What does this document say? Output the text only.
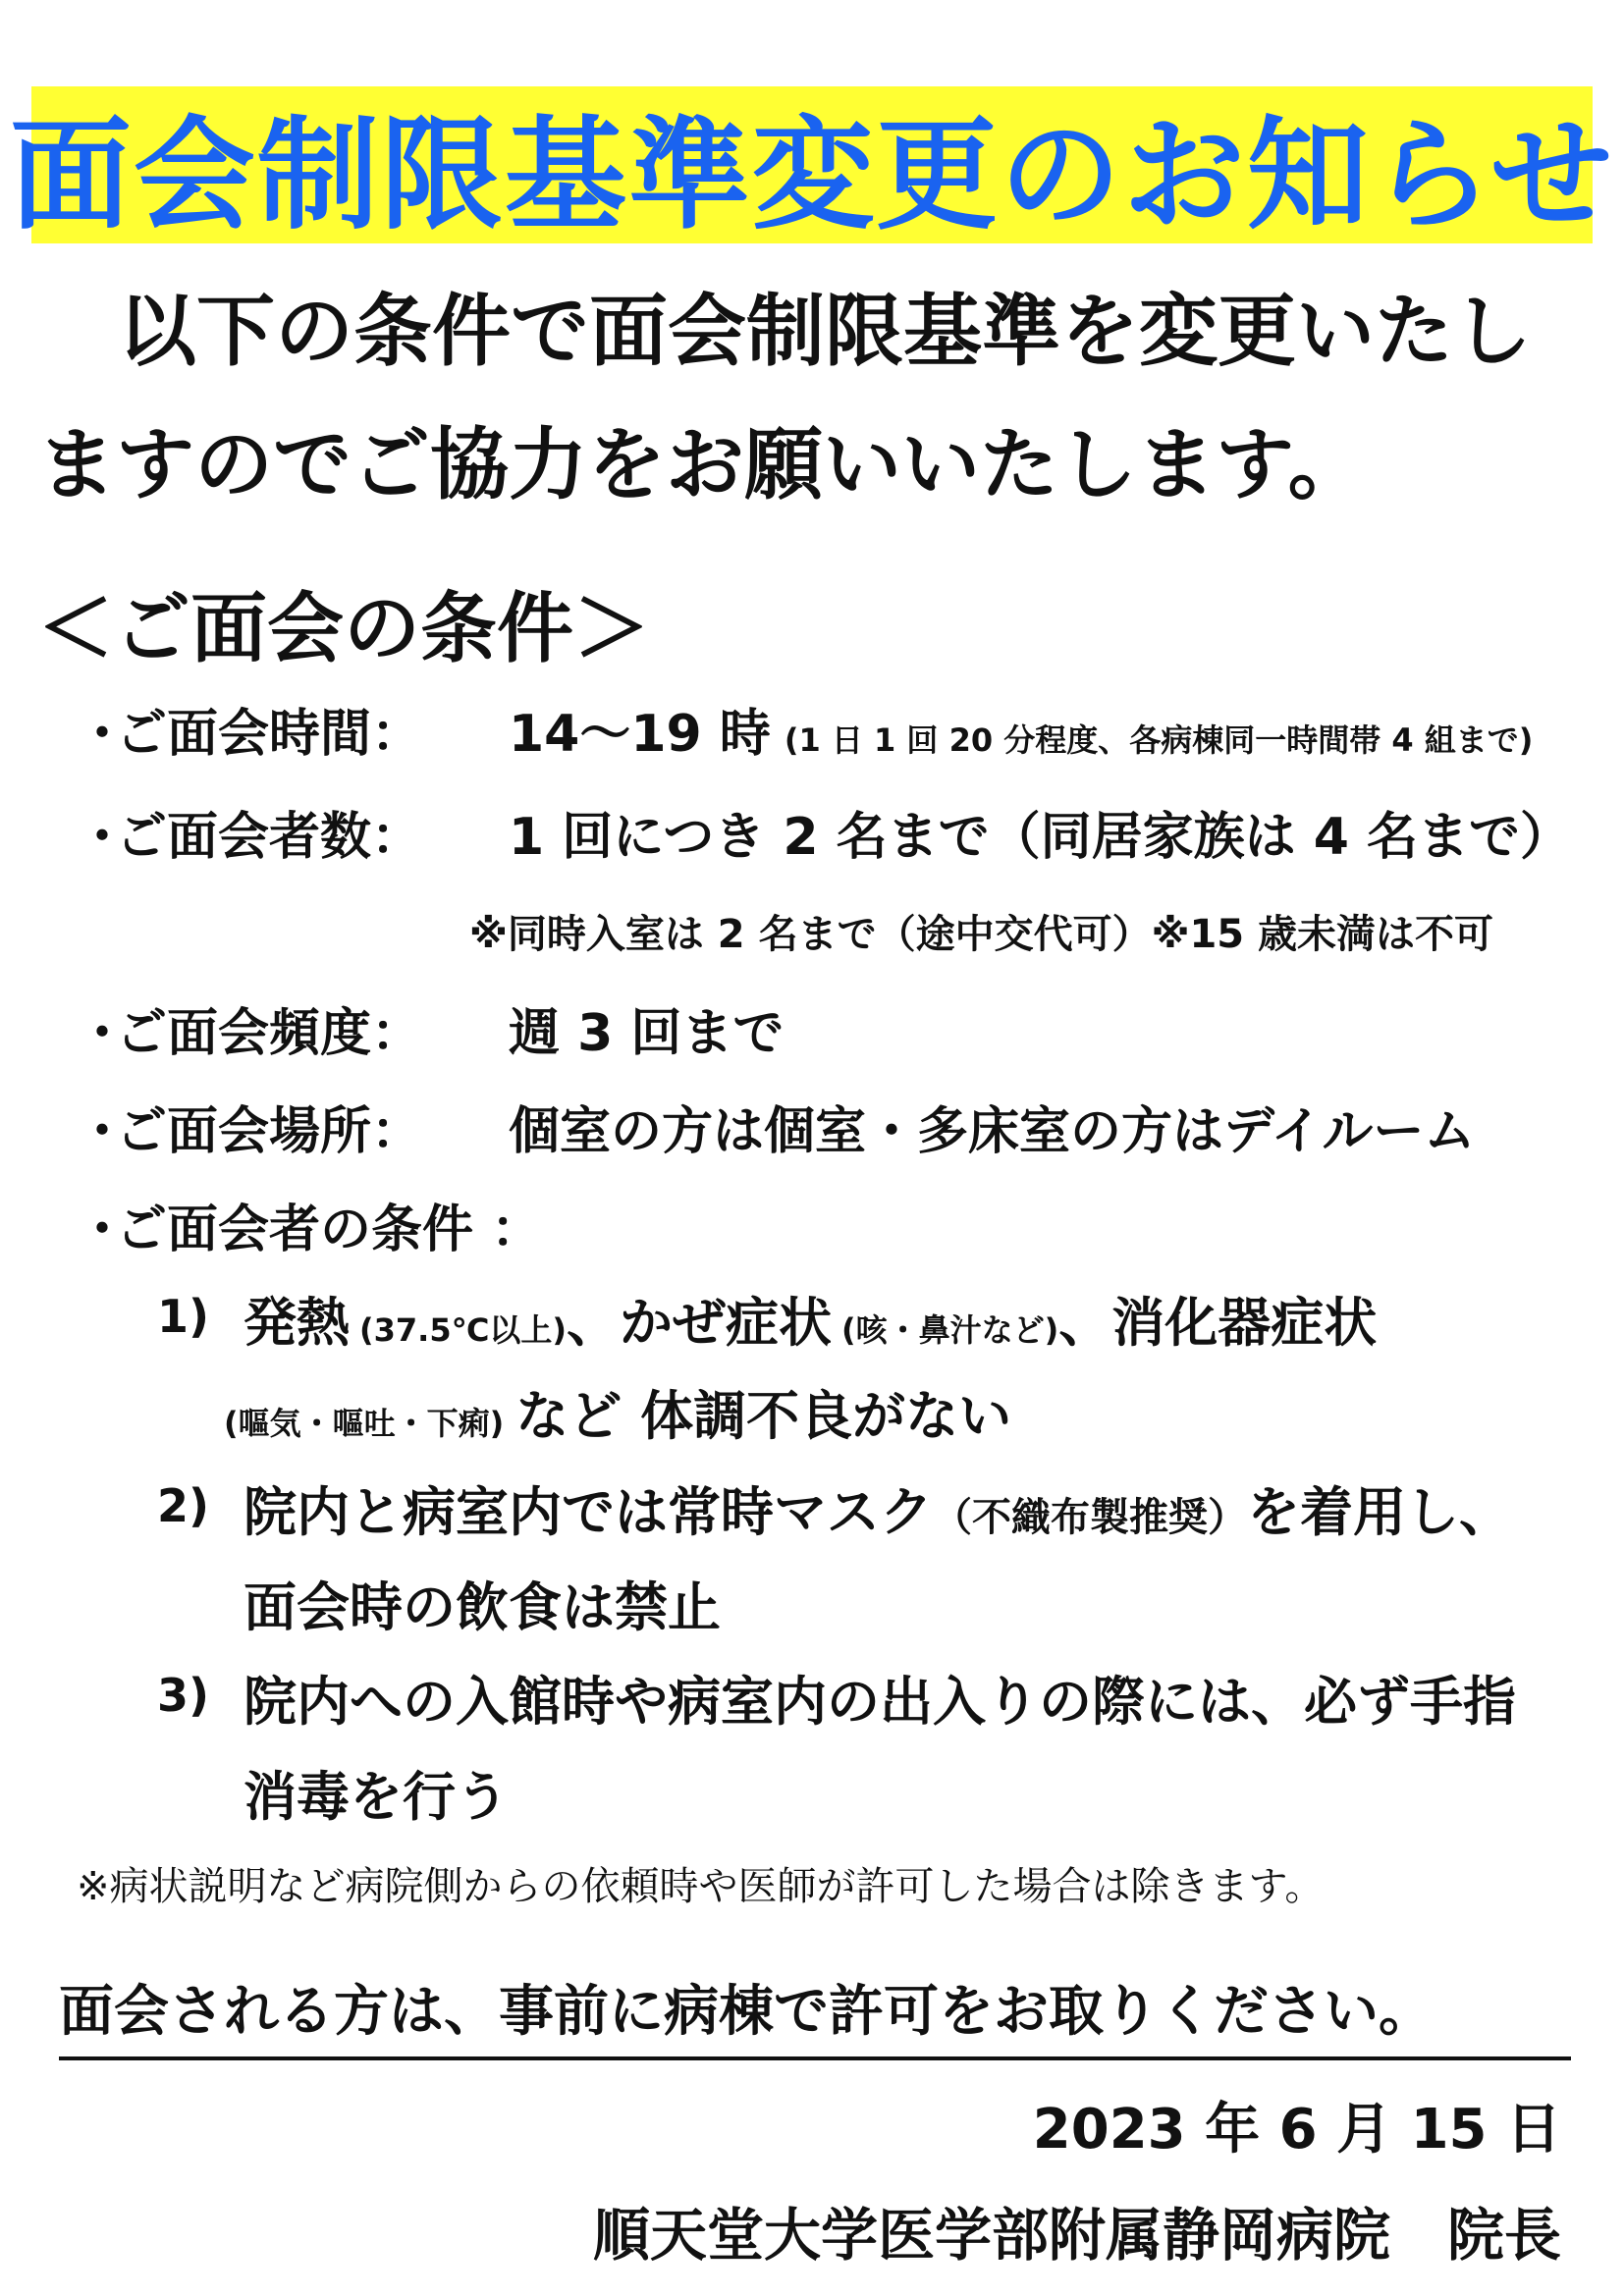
面会制限基準変更のお知らせ
以下の条件で面会制限基準を変更いたし
ますのでご協力をお願いいたします。
＜ご面会の条件＞
・
ご面会時間：	14～19 時 (1 日 1 回 20 分程度、各病棟同一時間帯 4 組まで)
・
ご面会者数：	1 回につき 2 名まで（同居家族は 4 名まで）
※同時入室は 2 名まで（途中交代可）※15 歳未満は不可
・
ご面会頻度：	週 3 回まで
・
ご面会場所：	個室の方は個室・多床室の方はデイルーム
・
ご面会者の条件 ：
1) 発熱 (37.5℃以上)、かぜ症状 (咳・鼻汁など)、消化器症状
(嘔気・嘔吐・下痢) など 体調不良がない
2) 院内と病室内では常時マスク（不織布製推奨）を着用し、
面会時の飲食は禁止
3) 院内への入館時や病室内の出入りの際には、必ず手指
消毒を行う
※病状説明など病院側からの依頼時や医師が許可した場合は除きます。
面会される方は、事前に病棟で許可をお取りください。
2023 年 6 月 15 日
順天堂大学医学部附属静岡病院　院長
